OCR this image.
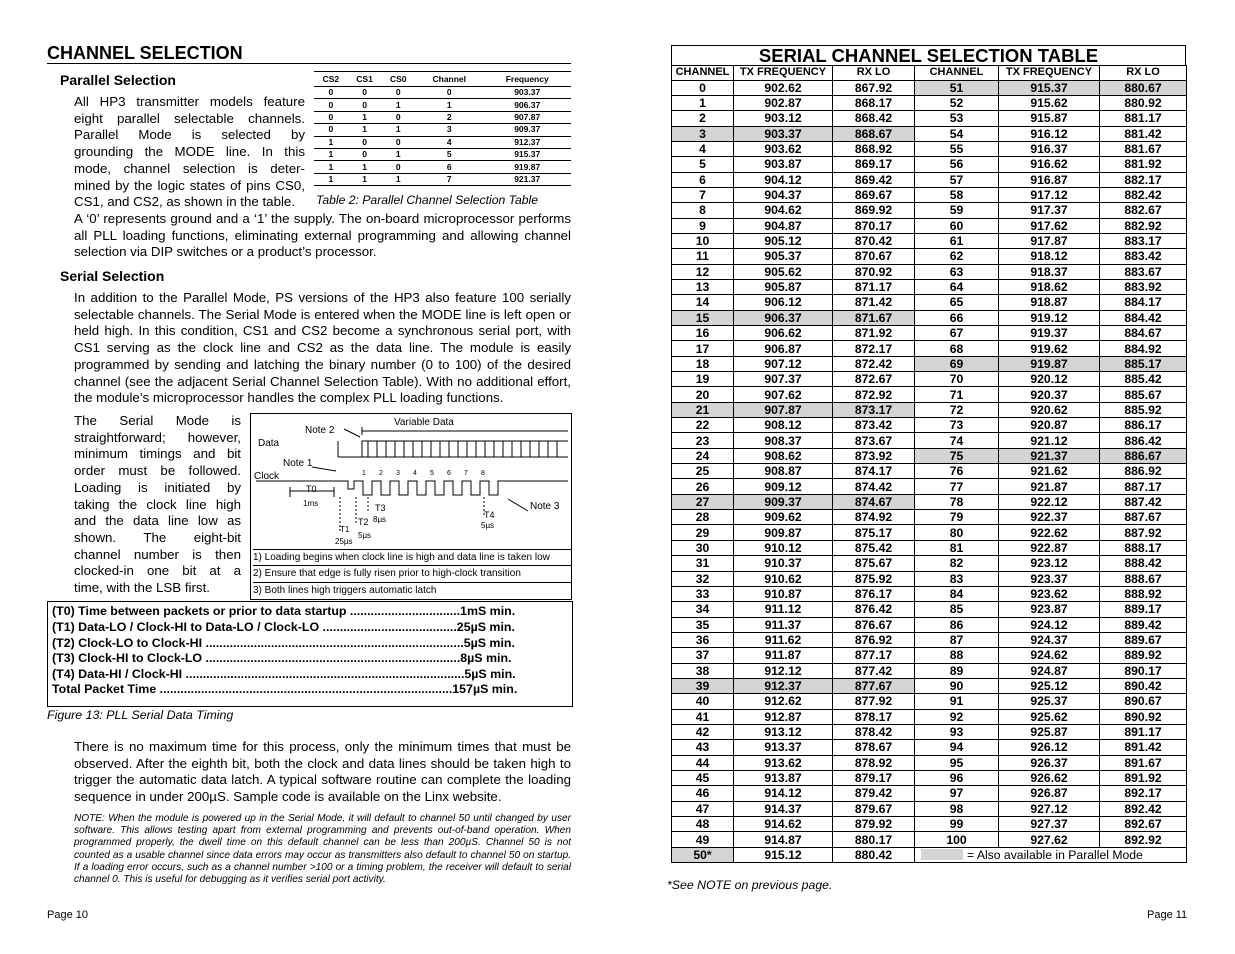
CHANNEL SELECTION
Parallel Selection
All HP3 transmitter models feature
eight parallel selectable channels.
Parallel Mode is selected by
grounding the MODE line. In this
mode, channel selection is deter-
mined by the logic states of pins CS0,
CS1, and CS2, as shown in the table.
A ‘0’ represents ground and a ‘1’ the supply. The on-board microprocessor performs all PLL loading functions, eliminating external programming and allowing channel selection via DIP switches or a product’s processor.
CS2	CS1	CS0	Channel	Frequency
0	0	0	0	903.37
0	0	1	1	906.37
0	1	0	2	907.87
0	1	1	3	909.37
1	0	0	4	912.37
1	0	1	5	915.37
1	1	0	6	919.87
1	1	1	7	921.37
Table 2: Parallel Channel Selection Table
Serial Selection
In addition to the Parallel Mode, PS versions of the HP3 also feature 100 serially selectable channels. The Serial Mode is entered when the MODE line is left open or held high. In this condition, CS1 and CS2 become a synchronous serial port, with CS1 serving as the clock line and CS2 as the data line. The module is easily programmed by sending and latching the binary number (0 to 100) of the desired channel (see the adjacent Serial Channel Selection Table). With no additional effort, the module’s microprocessor handles the complex PLL loading functions.
The Serial Mode is
straightforward; however,
minimum timings and bit
order must be followed.
Loading is initiated by
taking the clock line high
and the data line low as
shown. The eight-bit
channel number is then
clocked-in one bit at a
time, with the LSB first.
1 2 3 4 5 6 7 8
Variable Data
Note 2
Data
Note 1
Clock
Note 3
T0
1ms
T1
25µs
T2
5µs
T3
8µs	T4
5µs
1) Loading begins when clock line is high and data line is taken low
2) Ensure that edge is fully risen prior to high-clock transition
3) Both lines high triggers automatic latch
(T0) Time between packets or prior to data startup ................................1mS min.
(T1) Data-LO / Clock-HI to Data-LO / Clock-LO .......................................25µS min.
(T2) Clock-LO to Clock-HI ...........................................................................5µS min.
(T3) Clock-HI to Clock-LO ..........................................................................8µS min.
(T4) Data-HI / Clock-HI .................................................................................5µS min.
Total Packet Time .....................................................................................157µS min.
Figure 13: PLL Serial Data Timing
There is no maximum time for this process, only the minimum times that must be observed. After the eighth bit, both the clock and data lines should be taken high to trigger the automatic data latch. A typical software routine can complete the loading sequence in under 200µS. Sample code is available on the Linx website.
NOTE: When the module is powered up in the Serial Mode, it will default to channel 50 until changed by user software. This allows testing apart from external programming and prevents out-of-band operation. When programmed properly, the dwell time on this default channel can be less than 200µS. Channel 50 is not counted as a usable channel since data errors may occur as transmitters also default to channel 50 on startup. If a loading error occurs, such as a channel number >100 or a timing problem, the receiver will default to serial channel 0. This is useful for debugging as it verifies serial port activity.
Page 10
SERIAL CHANNEL SELECTION TABLE
CHANNEL	TX FREQUENCY	RX LO	CHANNEL	TX FREQUENCY	RX LO
0	902.62	867.92	51	915.37	880.67
1	902.87	868.17	52	915.62	880.92
2	903.12	868.42	53	915.87	881.17
3	903.37	868.67	54	916.12	881.42
4	903.62	868.92	55	916.37	881.67
5	903.87	869.17	56	916.62	881.92
6	904.12	869.42	57	916.87	882.17
7	904.37	869.67	58	917.12	882.42
8	904.62	869.92	59	917.37	882.67
9	904.87	870.17	60	917.62	882.92
10	905.12	870.42	61	917.87	883.17
11	905.37	870.67	62	918.12	883.42
12	905.62	870.92	63	918.37	883.67
13	905.87	871.17	64	918.62	883.92
14	906.12	871.42	65	918.87	884.17
15	906.37	871.67	66	919.12	884.42
16	906.62	871.92	67	919.37	884.67
17	906.87	872.17	68	919.62	884.92
18	907.12	872.42	69	919.87	885.17
19	907.37	872.67	70	920.12	885.42
20	907.62	872.92	71	920.37	885.67
21	907.87	873.17	72	920.62	885.92
22	908.12	873.42	73	920.87	886.17
23	908.37	873.67	74	921.12	886.42
24	908.62	873.92	75	921.37	886.67
25	908.87	874.17	76	921.62	886.92
26	909.12	874.42	77	921.87	887.17
27	909.37	874.67	78	922.12	887.42
28	909.62	874.92	79	922.37	887.67
29	909.87	875.17	80	922.62	887.92
30	910.12	875.42	81	922.87	888.17
31	910.37	875.67	82	923.12	888.42
32	910.62	875.92	83	923.37	888.67
33	910.87	876.17	84	923.62	888.92
34	911.12	876.42	85	923.87	889.17
35	911.37	876.67	86	924.12	889.42
36	911.62	876.92	87	924.37	889.67
37	911.87	877.17	88	924.62	889.92
38	912.12	877.42	89	924.87	890.17
39	912.37	877.67	90	925.12	890.42
40	912.62	877.92	91	925.37	890.67
41	912.87	878.17	92	925.62	890.92
42	913.12	878.42	93	925.87	891.17
43	913.37	878.67	94	926.12	891.42
44	913.62	878.92	95	926.37	891.67
45	913.87	879.17	96	926.62	891.92
46	914.12	879.42	97	926.87	892.17
47	914.37	879.67	98	927.12	892.42
48	914.62	879.92	99	927.37	892.67
49	914.87	880.17	100	927.62	892.92
50*	915.12	880.42	= Also available in Parallel Mode		
*See NOTE on previous page.
Page 11
